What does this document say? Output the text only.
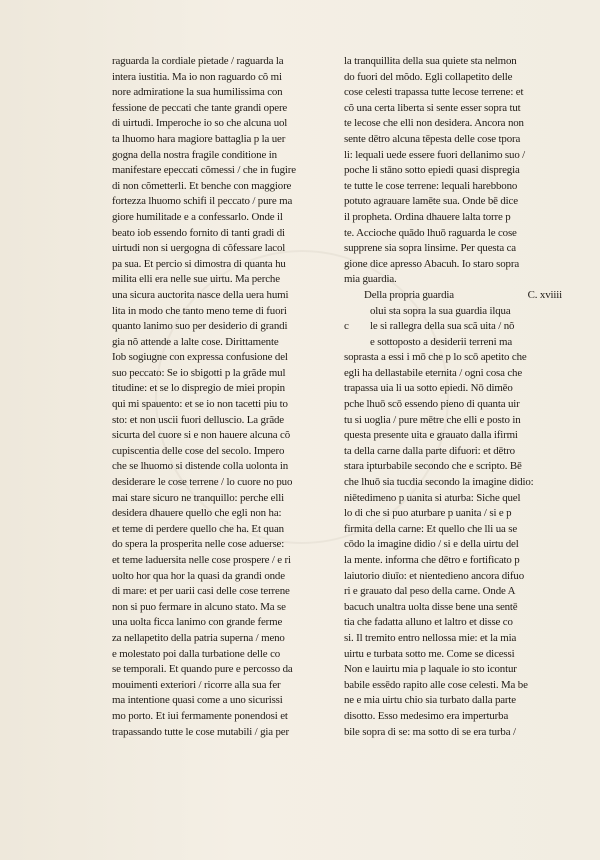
raguarda la cordiale pietade / raguarda la
intera iustitia. Ma io non raguardo cõ mi
nore admiratione la sua humilissima con
fessione de peccati che tante grandi opere
di uirtudi. Imperoche io so che alcuna uol
ta lhuomo hara magiore battaglia p la uer
gogna della nostra fragile conditione in
manifestare epeccati cõmessi / che in fugire
di non cõmetterli. Et benche con maggiore
fortezza lhuomo schifi il peccato / pure ma
giore humilitade e a confessarlo. Onde il
beato iob essendo fornito di tanti gradi di
uirtudi non si uergogna di cõfessare lacol
pa sua. Et percio si dimostra di quanta hu
milita elli era nelle sue uirtu. Ma perche
una sicura auctorita nasce della uera humi
lita in modo che tanto meno teme di fuori
quanto lanimo suo per desiderio di grandi
gia nõ attende a lalte cose. Dirittamente
Iob sogiugne con expressa confusione del
suo peccato: Se io sbigotti p la grãde mul
titudine: et se lo dispregio de miei propin
qui mi spauento: et se io non tacetti piu to
sto: et non uscii fuori delluscio. La grãde
sicurta del cuore si e non hauere alcuna cõ
cupiscentia delle cose del secolo. Impero
che se lhuomo si distende colla uolonta in
desiderare le cose terrene / lo cuore no puo
mai stare sicuro ne tranquillo: perche elli
desidera dhauere quello che egli non ha:
et teme di perdere quello che ha. Et quan
do spera la prosperita nelle cose aduerse:
et teme laduersita nelle cose prospere / e ri
uolto hor qua hor la quasi da grandi onde
di mare: et per uarii casi delle cose terrene
non si puo fermare in alcuno stato. Ma se
una uolta ficca lanimo con grande ferme
za nellapetito della patria superna / meno
e molestato poi dalla turbatione delle co
se temporali. Et quando pure e percosso da
mouimenti exteriori / ricorre alla sua fer
ma intentione quasi come a uno sicurissi
mo porto. Et iui fermamente ponendosi et
trapassando tutte le cose mutabili / gia per
la tranquillita della sua quiete sta nelmon
do fuori del mõdo. Egli collapetito delle
cose celesti trapassa tutte lecose terrene: et
cõ una certa liberta si sente esser sopra tut
te lecose che elli non desidera. Ancora non
sente dētro alcuna tēpesta delle cose tpora
li: lequali uede essere fuori dellanimo suo /
poche li stāno sotto epiedi quasi dispregia
te tutte le cose terrene: lequali harebbono
potuto agrauare lamēte sua. Onde bē dice
il propheta. Ordina dhauere lalta torre p
te. Accioche quādo lhuō raguarda le cose
supprene sia sopra linsime. Per questa ca
gione dice apresso Abacuh. Io staro sopra
mia guardia.
Della propria guardia	C. xviiii
olui sta sopra la sua guardia ilqua
c le si rallegra della sua scã uita / nõ
e sottoposto a desiderii terreni ma
soprasta a essi i mō che p lo scō apetito che
egli ha dellastabile eternita / ogni cosa che
trapassa uia li ua sotto epiedi. Nō dimēo
pche lhuō scō essendo pieno di quanta uir
tu si uoglia / pure mētre che elli e posto in
questa presente uita e grauato dalla ifirmi
ta della carne dalla parte difuori: et dētro
stara ipturbabile secondo che e scripto. Bē
che lhuō sia tucdia secondo la imagine didio:
niētedimeno p uanita si aturba: Siche quel
lo di che si puo aturbare p uanita / si e p
firmita della carne: Et quello che lli ua se
cōdo la imagine didio / si e della uirtu del
la mente. informa che dētro e fortificato p
laiutorio diuīo: et nientedieno ancora difuo
ri e grauato dal peso della carne. Onde A
bacuch unaltra uolta disse bene una sentē
tia che fadatta alluno et laltro et disse co
si. Il tremito entro nellossa mie: et la mia
uirtu e turbata sotto me. Come se dicessi
Non e lauirtu mia p laquale io sto icontur
babile essēdo rapito alle cose celesti. Ma be
ne e mia uirtu chio sia turbato dalla parte
disotto. Esso medesimo era imperturba
bile sopra di se: ma sotto di se era turba /
